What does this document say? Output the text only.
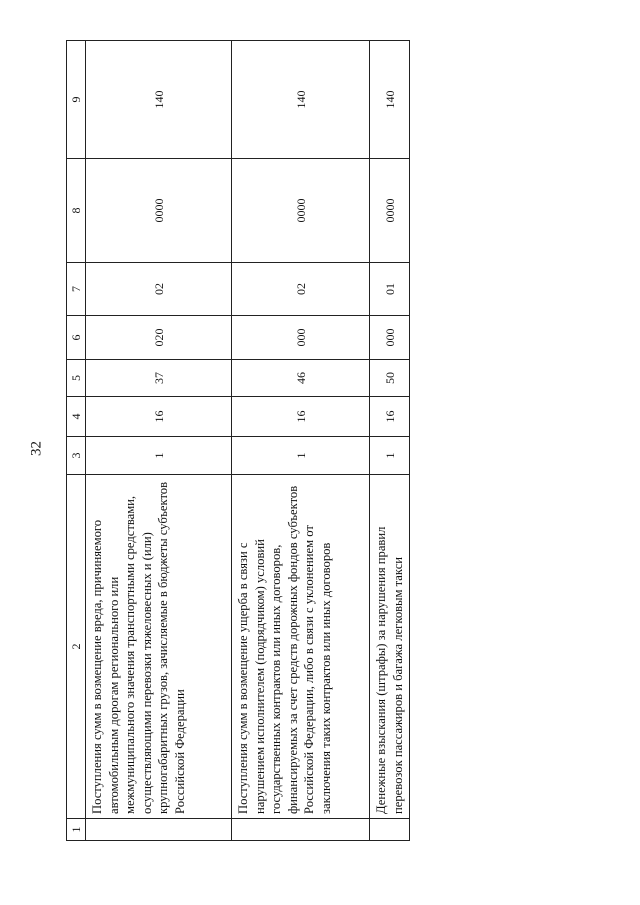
32
1	2	3	4	5	6	7	8	9
	Поступления сумм в возмещение вреда, причиняемого автомобильным дорогам регионального или межмуниципального значения транспортными средствами, осуществляющими перевозки тяжеловесных и (или) крупногабаритных грузов, зачисляемые в бюджеты субъектов Российской Федерации	1	16	37	020	02	0000	140
	Поступления сумм в возмещение ущерба в связи с нарушением исполнителем (подрядчиком) условий государственных контрактов или иных договоров, финансируемых за счет средств дорожных фондов субъектов Российской Федерации, либо в связи с уклонением от заключения таких контрактов или иных договоров	1	16	46	000	02	0000	140
	Денежные взыскания (штрафы) за нарушения правил перевозок пассажиров и багажа легковым такси	1	16	50	000	01	0000	140
